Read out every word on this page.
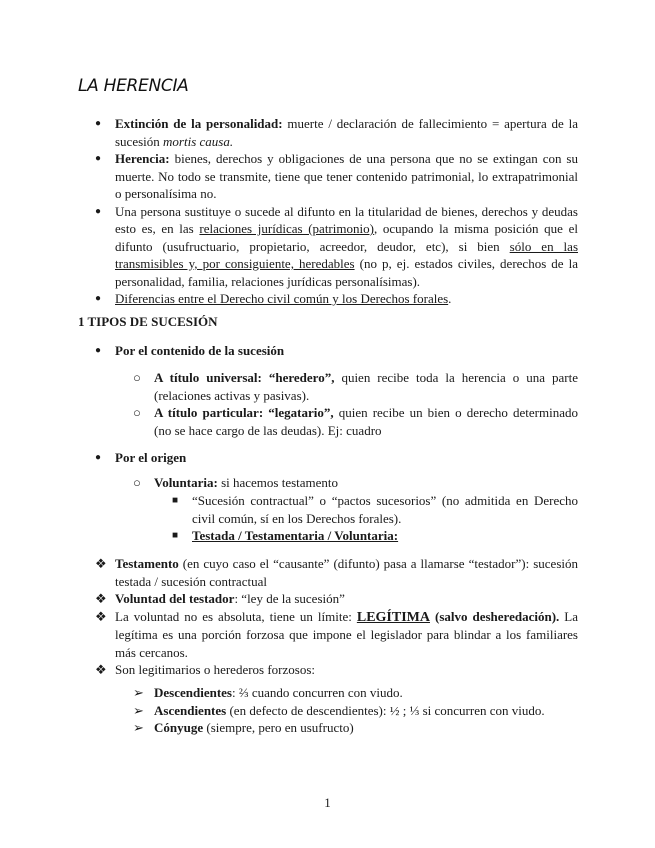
LA HERENCIA
● Extinción de la personalidad: muerte / declaración de fallecimiento = apertura de la sucesión mortis causa.
● Herencia: bienes, derechos y obligaciones de una persona que no se extingan con su muerte. No todo se transmite, tiene que tener contenido patrimonial, lo extrapatrimonial o personalísima no.
● Una persona sustituye o sucede al difunto en la titularidad de bienes, derechos y deudas esto es, en las relaciones jurídicas (patrimonio), ocupando la misma posición que el difunto (usufructuario, propietario, acreedor, deudor, etc), si bien sólo en las transmisibles y, por consiguiente, heredables (no p, ej. estados civiles, derechos de la personalidad, familia, relaciones jurídicas personalísimas).
● Diferencias entre el Derecho civil común y los Derechos forales.
1 TIPOS DE SUCESIÓN
● Por el contenido de la sucesión
○ A título universal: “heredero”, quien recibe toda la herencia o una parte (relaciones activas y pasivas).
○ A título particular: “legatario”, quien recibe un bien o derecho determinado (no se hace cargo de las deudas). Ej: cuadro
● Por el origen
○ Voluntaria: si hacemos testamento
■ “Sucesión contractual” o “pactos sucesorios” (no admitida en Derecho civil común, sí en los Derechos forales).
■ Testada / Testamentaria / Voluntaria:
❖ Testamento (en cuyo caso el “causante” (difunto) pasa a llamarse “testador”): sucesión testada / sucesión contractual
❖ Voluntad del testador: “ley de la sucesión”
❖ La voluntad no es absoluta, tiene un límite: LEGÍTIMA (salvo desheredación). La legítima es una porción forzosa que impone el legislador para blindar a los familiares más cercanos.
❖ Son legitimarios o herederos forzosos:
➢ Descendientes: ⅔ cuando concurren con viudo.
➢ Ascendientes (en defecto de descendientes): ½ ; ⅓ si concurren con viudo.
➢ Cónyuge (siempre, pero en usufructo)
1
